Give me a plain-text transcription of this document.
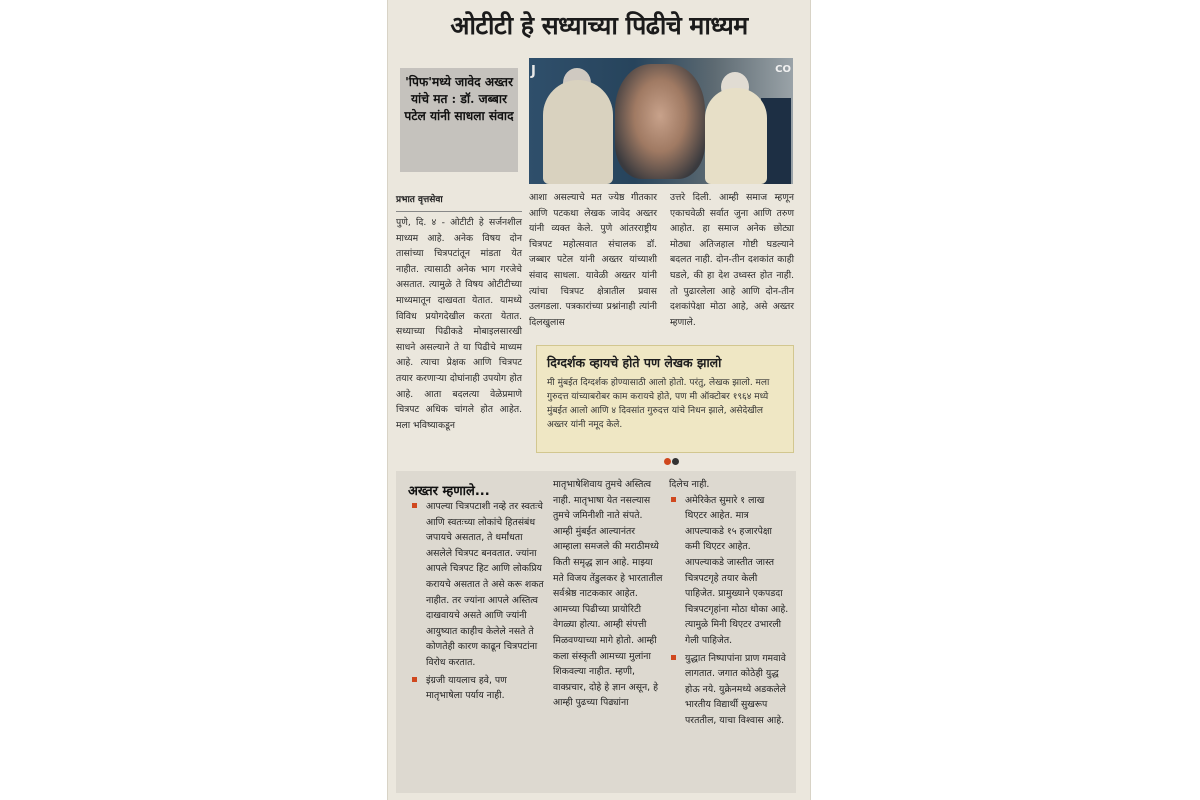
ओटीटी हे सध्याच्या पिढीचे माध्यम
'पिफ'मध्ये जावेद अख्तर यांचे मत : डॉ. जब्बार पटेल यांनी साधला संवाद
J	CO
प्रभात वृत्तसेवा
पुणे, दि. ४ - ओटीटी हे सर्जनशील माध्यम आहे. अनेक विषय दोन तासांच्या चित्रपटांतून मांडता येत नाहीत. त्यासाठी अनेक भाग गरजेचे असतात. त्यामुळे ते विषय ओटीटीच्या माध्यमातून दाखवता येतात. यामध्ये विविध प्रयोगदेखील करता येतात. सध्याच्या पिढीकडे मोबाइलसारखी साधने असल्याने ते या पिढीचे माध्यम आहे. त्याचा प्रेक्षक आणि चित्रपट तयार करणाऱ्या दोघांनाही उपयोग होत आहे. आता बदलत्या वेळेप्रमाणे चित्रपट अधिक चांगले होत आहेत. मला भविष्याकडून
आशा असल्याचे मत ज्येष्ठ गीतकार आणि पटकथा लेखक जावेद अख्तर यांनी व्यक्त केले. पुणे आंतरराष्ट्रीय चित्रपट महोत्सवात संचालक डॉ. जब्बार पटेल यांनी अख्तर यांच्याशी संवाद साधला. यावेळी अख्तर यांनी त्यांचा चित्रपट क्षेत्रातील प्रवास उलगडला. पत्रकारांच्या प्रश्नांनाही त्यांनी दिलखुलास
उत्तरे दिली. आम्ही समाज म्हणून एकाचवेळी सर्वात जुना आणि तरुण आहोत. हा समाज अनेक छोट्या मोठ्या अतिजहाल गोष्टी घडल्याने बदलत नाही. दोन-तीन दशकांत काही घडले, की हा देश उध्वस्त होत नाही. तो पुढारलेला आहे आणि दोन-तीन दशकांपेक्षा मोठा आहे, असे अख्तर म्हणाले.
दिग्दर्शक व्हायचे होते पण लेखक झालो

मी मुंबईत दिग्दर्शक होण्यासाठी आलो होतो. परंतु, लेखक झालो. मला गुरुदत्त यांच्याबरोबर काम करायचे होते, पण मी ऑक्टोबर १९६४ मध्ये मुंबईत आलो आणि ४ दिवसांत गुरुदत्त यांचे निधन झाले, असेदेखील अख्तर यांनी नमूद केले.

अख्तर म्हणाले...
आपल्या चित्रपटाशी नव्हे तर स्वतःचे आणि स्वतःच्या लोकांचे हितसंबंध जपायचे असतात, ते धर्मांधता असलेले चित्रपट बनवतात. ज्यांना आपले चित्रपट हिट आणि लोकप्रिय करायचे असतात ते असे करू शकत नाहीत. तर ज्यांना आपले अस्तित्व दाखवायचे असते आणि ज्यांनी आयुष्यात काहीच केलेले नसते ते कोणतेही कारण काढून चित्रपटांना विरोध करतात.
इंग्रजी यायलाच हवे, पण मातृभाषेला पर्याय नाही.

मातृभाषेशिवाय तुमचे अस्तित्व नाही. मातृभाषा येत नसल्यास तुमचे जमिनीशी नाते संपते. आम्ही मुंबईत आल्यानंतर आम्हाला समजले की मराठीमध्ये किती समृद्ध ज्ञान आहे. माझ्या मते विजय तेंडुलकर हे भारतातील सर्वश्रेष्ठ नाटककार आहेत. आमच्या पिढीच्या प्रायोरिटी वेगळ्या होत्या. आम्ही संपत्ती मिळवण्याच्या मागे होतो. आम्ही कला संस्कृती आमच्या मुलांना शिकवल्या नाहीत. म्हणी, वाक्प्रचार, दोहे हे ज्ञान असून, हे आम्ही पुढच्या पिढ्यांना

दिलेच नाही.

अमेरिकेत सुमारे १ लाख थिएटर आहेत. मात्र आपल्याकडे १५ हजारपेक्षा कमी थिएटर आहेत. आपल्याकडे जास्तीत जास्त चित्रपटगृहे तयार केली पाहिजेत. प्रामुख्याने एकपडदा चित्रपटगृहांना मोठा धोका आहे. त्यामुळे मिनी थिएटर उभारली गेली पाहिजेत.
युद्धात निष्पापांना प्राण गमवावे लागतात. जगात कोठेही युद्ध होऊ नये. युक्रेनमध्ये अडकलेले भारतीय विद्यार्थी सुखरूप परततील, याचा विश्वास आहे.
